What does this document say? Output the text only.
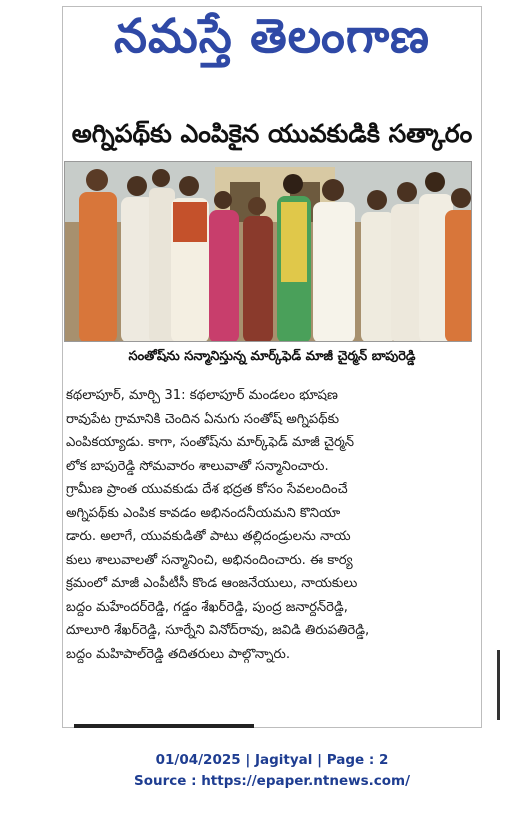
నమస్తే తెలంగాణ
అగ్నిపథ్‌కు ఎంపికైన యువకుడికి సత్కారం
సంతోష్‌ను సన్మానిస్తున్న మార్క్‌ఫెడ్ మాజీ చైర్మన్ బాపురెడ్డి
కథలాపూర్, మార్చి 31: కథలాపూర్ మండలం భూషణ
రావుపేట గ్రామానికి చెందిన ఏనుగు సంతోష్ అగ్నిపథ్‌కు
ఎంపికయ్యాడు. కాగా, సంతోష్‌ను మార్క్‌ఫెడ్ మాజీ చైర్మన్
లోక బాపురెడ్డి సోమవారం శాలువాతో సన్మానించారు.
గ్రామీణ ప్రాంత యువకుడు దేశ భద్రత కోసం సేవలందించే
అగ్నిపథ్‌కు ఎంపిక కావడం అభినందనీయమని కొనియా
డారు. అలాగే, యువకుడితో పాటు తల్లిదండ్రులను నాయ
కులు శాలువాలతో సన్మానించి, అభినందించారు. ఈ కార్య
క్రమంలో మాజీ ఎంపీటీసీ కొండ ఆంజనేయులు, నాయకులు
బద్దం మహేందర్‌రెడ్డి, గడ్డం శేఖర్‌రెడ్డి, పుంద్ర జనార్దన్‌రెడ్డి,
దూలూరి శేఖర్‌రెడ్డి, సూర్నేని వినోద్‌రావు, జవిడి తిరుపతిరెడ్డి,
బద్దం మహిపాల్‌రెడ్డి తదితరులు పాల్గొన్నారు.
01/04/2025 | Jagityal | Page : 2
Source : https://epaper.ntnews.com/
